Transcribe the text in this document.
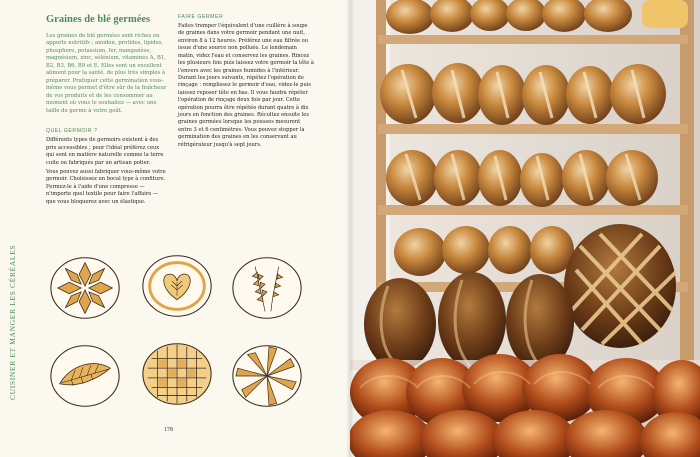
CUISINER ET MANGER LES CÉRÉALES
Graines de blé germées

Les graines de blé germées sont riches en apports nutritifs ; amidon, protides, lipides, phosphore, potassium, fer, manganèse, magnésium, zinc, sélénium, vitamines A, B1, B2, B3, B6, B9 et E. Elles sont un excellent aliment pour la santé, de plus très simples à préparer. Pratiquer cette germination vous-même vous permet d'être sûr de la fraîcheur de vos produits et de les consommer au moment où vous le souhaitez — avec une taille de germe à votre goût.

QUEL GERMOIR ?

Différents types de germoirs existent à des prix accessibles ; pour l'idéal préférez ceux qui sont en matière naturelle comme la terre cuite ou fabriqués par un artisan potier.

Vous pouvez aussi fabriquer vous-même votre germoir. Choisissez un bocal type à confiture. Fermez-le à l'aide d'une compresse — n'importe quel textile pour faire l'affaire — que vous bloquerez avec un élastique.

FAIRE GERMER

Faites tremper l'équivalent d'une cuillère à soupe de graines dans votre germoir pendant une nuit, environ 8 à 12 heures. Préférez une eau filtrée ou issue d'une source non polluée. Le lendemain matin, videz l'eau et conservez les graines. Rincez les plusieurs fois puis laissez votre germoir la tête à l'envers avec les graines humides à l'intérieur. Durant les jours suivants, répétez l'opération de rinçage : remplissez le germoir d'eau, videz-le puis laissez reposer tête en bas. Il vous faudra répéter l'opération de rinçage deux fois par jour. Cette opération pourra être répétée durant quatre à dix jours en fonction des graines. Récoltez ensuite les graines germées lorsque les pousses mesurent entre 3 et 6 centimètres. Vous pouvez stopper la germination des graines en les conservant au réfrigérateur jusqu'à sept jours.

178
